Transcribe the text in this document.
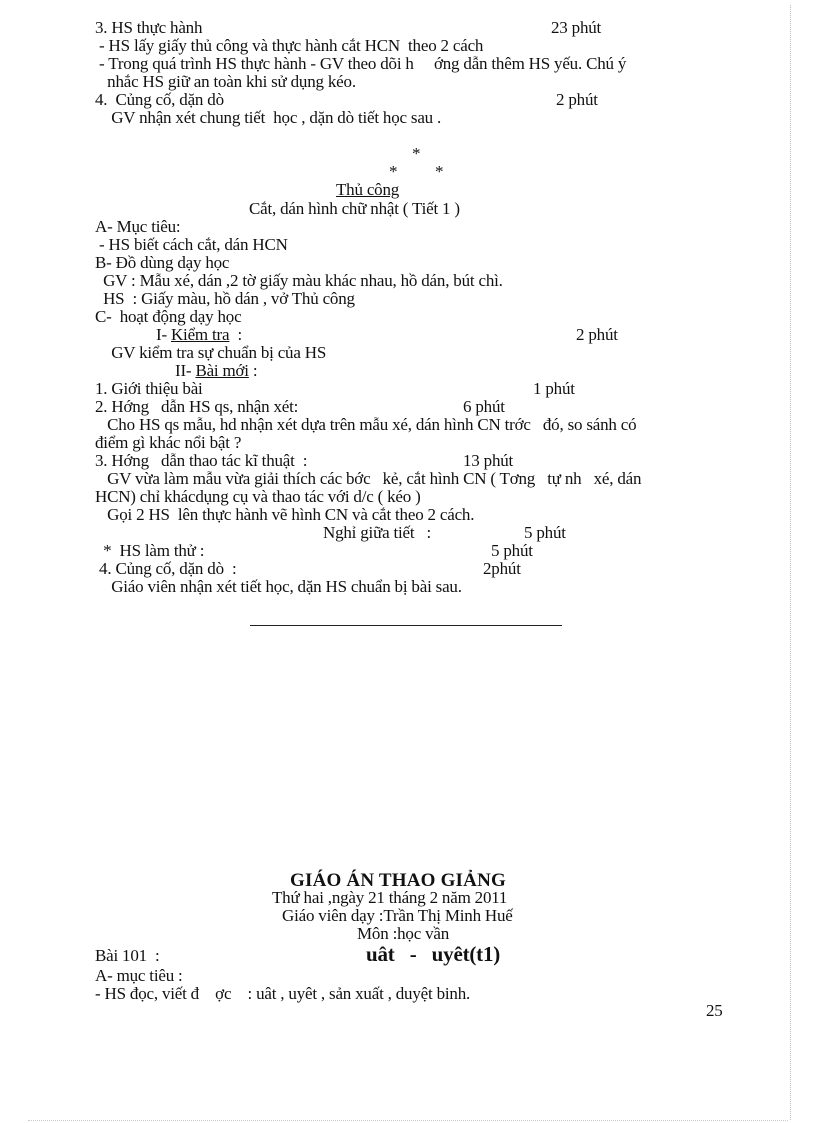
3. HS thực hành	23 phút
- HS lấy giấy thủ công và thực hành cắt HCN  theo 2 cách
- Trong quá trình HS thực hành - GV theo dõi h     ớng dẫn thêm HS yếu. Chú ý
nhắc HS giữ an toàn khi sử dụng kéo.
4.  Củng cố, dặn dò	2 phút
GV nhận xét chung tiết  học , dặn dò tiết học sau .
*
* *
Thủ công
Cắt, dán hình chữ nhật ( Tiết 1 )
A- Mục tiêu:
- HS biết cách cắt, dán HCN
B- Đồ dùng dạy học
GV : Mẫu xé, dán ,2 tờ giấy màu khác nhau, hồ dán, bút chì.
HS  : Giấy màu, hồ dán , vở Thủ công
C-  hoạt động dạy học
I- Kiểm tra  :	2 phút
GV kiểm tra sự chuẩn bị của HS
II- Bài mới :
1. Giới thiệu bài	1 phút
2. Hớng   dẫn HS qs, nhận xét:	6 phút
Cho HS qs mẫu, hd nhận xét dựa trên mẫu xé, dán hình CN trớc   đó, so sánh có
điểm gì khác nổi bật ?
3. Hớng   dẫn thao tác kĩ thuật  :	13 phút
GV vừa làm mẫu vừa giải thích các bớc   kẻ, cắt hình CN ( Tơng   tự nh   xé, dán
HCN) chỉ khácdụng cụ và thao tác với d/c ( kéo )
Gọi 2 HS  lên thực hành vẽ hình CN và cắt theo 2 cách.
Nghỉ giữa tiết   :	5 phút
*  HS làm thử :	5 phút
4. Củng cố, dặn dò  :	2phút
Giáo viên nhận xét tiết học, dặn HS chuẩn bị bài sau.
GIÁO ÁN THAO GIẢNG
Thứ hai ,ngày 21 tháng 2 năm 2011
Giáo viên dạy :Trần Thị Minh Huế
Môn :học vần
Bài 101  :	uât   -   uyêt(t1)
A- mục tiêu :
- HS đọc, viết đ    ợc    : uât , uyêt , sản xuất , duyệt binh.
25
